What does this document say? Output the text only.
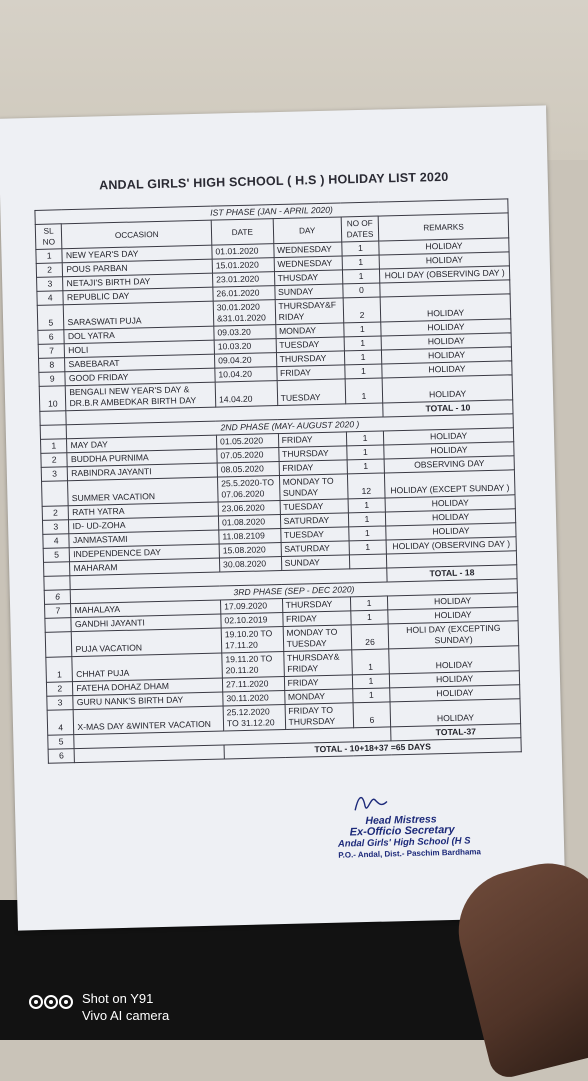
ANDAL GIRLS' HIGH SCHOOL ( H.S ) HOLIDAY LIST 2020
IST PHASE (JAN - APRIL 2020)					
SL NO	OCCASION	DATE	DAY	NO OF DATES	REMARKS
1	NEW YEAR'S DAY	01.01.2020	WEDNESDAY	1	HOLIDAY
2	POUS PARBAN	15.01.2020	WEDNESDAY	1	HOLIDAY
3	NETAJI'S BIRTH DAY	23.01.2020	THUSDAY	1	HOLI DAY (OBSERVING DAY )
4	REPUBLIC DAY	26.01.2020	SUNDAY	0	
5	SARASWATI PUJA	30.01.2020 &31.01.2020	THURSDAY&F RIDAY	2	HOLIDAY
6	DOL YATRA	09.03.20	MONDAY	1	HOLIDAY
7	HOLI	10.03.20	TUESDAY	1	HOLIDAY
8	SABEBARAT	09.04.20	THURSDAY	1	HOLIDAY
9	GOOD FRIDAY	10.04.20	FRIDAY	1	HOLIDAY
10	BENGALI NEW YEAR'S DAY & DR.B.R AMBEDKAR BIRTH DAY	14.04.20	TUESDAY	1	HOLIDAY
					TOTAL - 10
	2ND PHASE (MAY- AUGUST 2020 )				
1	MAY DAY	01.05.2020	FRIDAY	1	HOLIDAY
2	BUDDHA PURNIMA	07.05.2020	THURSDAY	1	HOLIDAY
3	RABINDRA JAYANTI	08.05.2020	FRIDAY	1	OBSERVING DAY
	SUMMER VACATION	25.5.2020-TO 07.06.2020	MONDAY TO SUNDAY	12	HOLIDAY (EXCEPT SUNDAY )
2	RATH YATRA	23.06.2020	TUESDAY	1	HOLIDAY
3	ID- UD-ZOHA	01.08.2020	SATURDAY	1	HOLIDAY
4	JANMASTAMI	11.08.2109	TUESDAY	1	HOLIDAY
5	INDEPENDENCE DAY	15.08.2020	SATURDAY	1	HOLIDAY (OBSERVING DAY )
	MAHARAM	30.08.2020	SUNDAY		
					TOTAL - 18
6	3RD PHASE (SEP - DEC 2020)				
7	MAHALAYA	17.09.2020	THURSDAY	1	HOLIDAY
	GANDHI JAYANTI	02.10.2019	FRIDAY	1	HOLIDAY
	PUJA VACATION	19.10.20 TO 17.11.20	MONDAY TO TUESDAY	26	HOLI DAY (EXCEPTING SUNDAY)
1	CHHAT PUJA	19.11.20 TO 20.11.20	THURSDAY& FRIDAY	1	HOLIDAY
2	FATEHA DOHAZ DHAM	27.11.2020	FRIDAY	1	HOLIDAY
3	GURU NANK'S BIRTH DAY	30.11.2020	MONDAY	1	HOLIDAY
4	X-MAS DAY &WINTER VACATION	25.12.2020 TO 31.12.20	FRIDAY TO THURSDAY	6	HOLIDAY
5					TOTAL-37
6		TOTAL - 10+18+37 =65 DAYS			
Head Mistress
Ex-Officio Secretary
Andal Girls' High School (H S
P.O.- Andal, Dist.- Paschim Bardhama
Shot on Y91
Vivo AI camera
